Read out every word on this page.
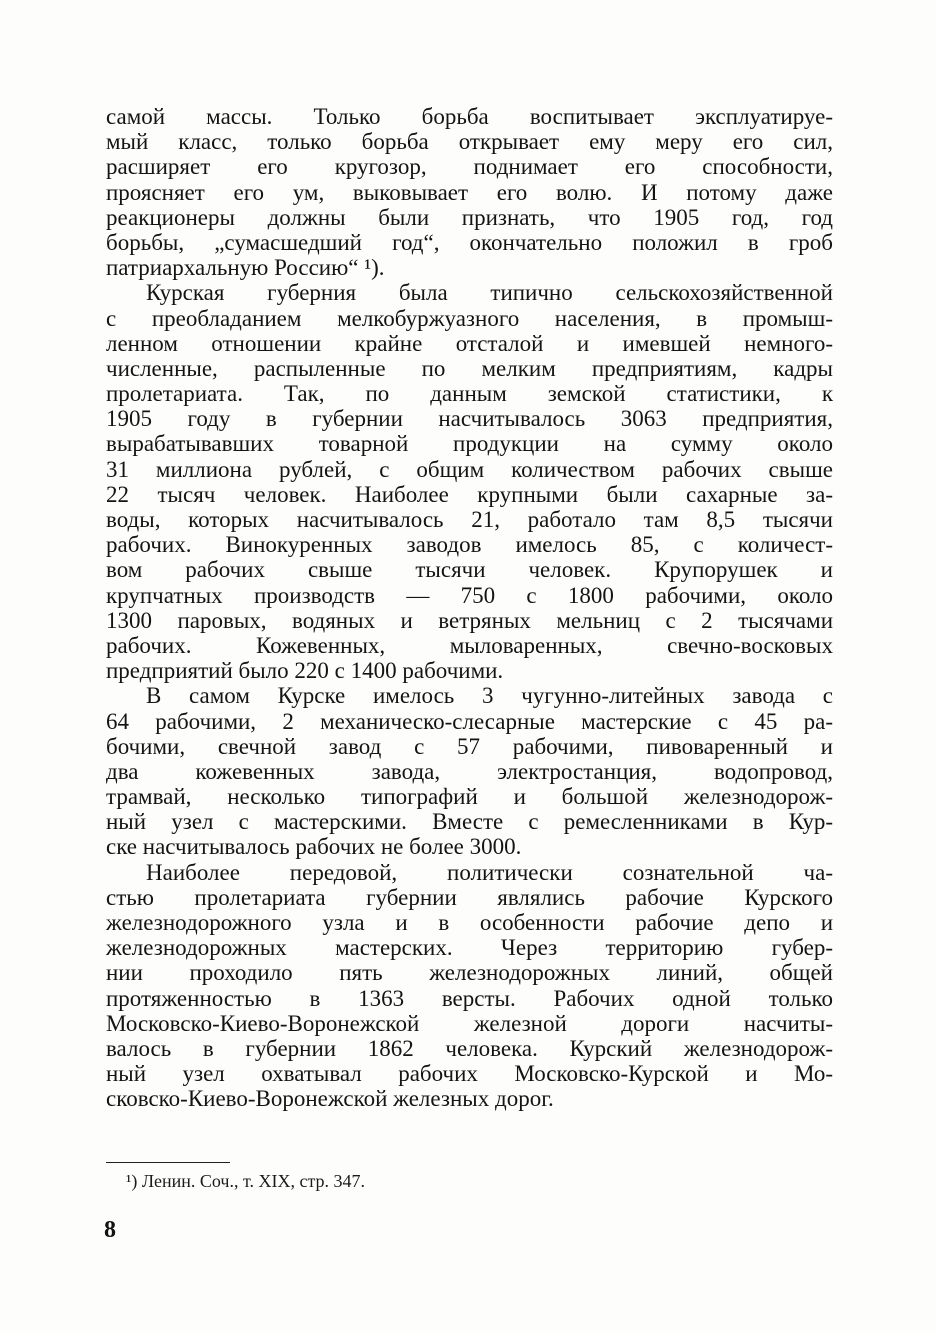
самой массы. Только борьба воспитывает эксплуатируе-
мый класс, только борьба открывает ему меру его сил,
расширяет его кругозор, поднимает его способности,
проясняет его ум, выковывает его волю. И потому даже
реакционеры должны были признать, что 1905 год, год
борьбы, „сумасшедший год“, окончательно положил в гроб
патриархальную Россию“ ¹).
Курская губерния была типично сельскохозяйственной
с преобладанием мелкобуржуазного населения, в промыш-
ленном отношении крайне отсталой и имевшей немного-
численные, распыленные по мелким предприятиям, кадры
пролетариата. Так, по данным земской статистики, к
1905 году в губернии насчитывалось 3063 предприятия,
вырабатывавших товарной продукции на сумму около
31 миллиона рублей, с общим количеством рабочих свыше
22 тысяч человек. Наиболее крупными были сахарные за-
воды, которых насчитывалось 21, работало там 8,5 тысячи
рабочих. Винокуренных заводов имелось 85, с количест-
вом рабочих свыше тысячи человек. Крупорушек и
крупчатных производств — 750 с 1800 рабочими, около
1300 паровых, водяных и ветряных мельниц с 2 тысячами
рабочих. Кожевенных, мыловаренных, свечно-восковых
предприятий было 220 с 1400 рабочими.
В самом Курске имелось 3 чугунно-литейных завода с
64 рабочими, 2 механическо-слесарные мастерские с 45 ра-
бочими, свечной завод с 57 рабочими, пивоваренный и
два кожевенных завода, электростанция, водопровод,
трамвай, несколько типографий и большой железнодорож-
ный узел с мастерскими. Вместе с ремесленниками в Кур-
ске насчитывалось рабочих не более 3000.
Наиболее передовой, политически сознательной ча-
стью пролетариата губернии являлись рабочие Курского
железнодорожного узла и в особенности рабочие депо и
железнодорожных мастерских. Через территорию губер-
нии проходило пять железнодорожных линий, общей
протяженностью в 1363 версты. Рабочих одной только
Московско-Киево-Воронежской железной дороги насчиты-
валось в губернии 1862 человека. Курский железнодорож-
ный узел охватывал рабочих Московско-Курской и Мо-
сковско-Киево-Воронежской железных дорог.
¹) Ленин. Соч., т. XIX, стр. 347.
8
